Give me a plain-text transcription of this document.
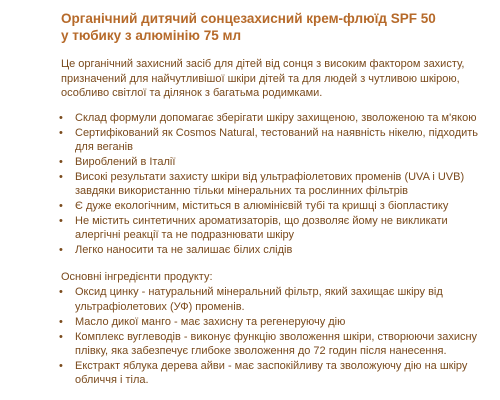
Органічний дитячий сонцезахисний крем-флюїд SPF 50
у тюбику з алюмінію 75 мл

Це органічний захисний засіб для дітей від сонця з високим фактором захисту, призначений для найчутливішої шкіри дітей та для людей з чутливою шкірою, особливо світлої та ділянок з багатьма родимками.

• Склад формули допомагає зберігати шкіру захищеною, зволоженою та м'якою
• Сертифікований як Cosmos Natural, тестований на наявність нікелю, підходить для веганів
• Вироблений в Італії
• Високі результати захисту шкіри від ультрафіолетових променів (UVA і UVB) завдяки використанню тільки мінеральних та рослинних фільтрів
• Є дуже екологічним, міститься в алюмінієвій тубі та кришці з біопластику
• Не містить синтетичних ароматизаторів, що дозволяє йому не викликати алергічні реакції та не подразнювати шкіру
• Легко наносити та не залишає білих слідів

Основні інгредієнти продукту:

• Оксид цинку - натуральний мінеральний фільтр, який захищає шкіру від ультрафіолетових (УФ) променів.
• Масло дикої манго - має захисну та регенеруючу дію
• Комплекс вуглеводів - виконує функцію зволоження шкіри, створюючи захисну плівку, яка забезпечує глибоке зволоження до 72 годин після нанесення.
• Екстракт яблука дерева айви - має заспокійливу та зволожуючу дію на шкіру обличчя і тіла.
